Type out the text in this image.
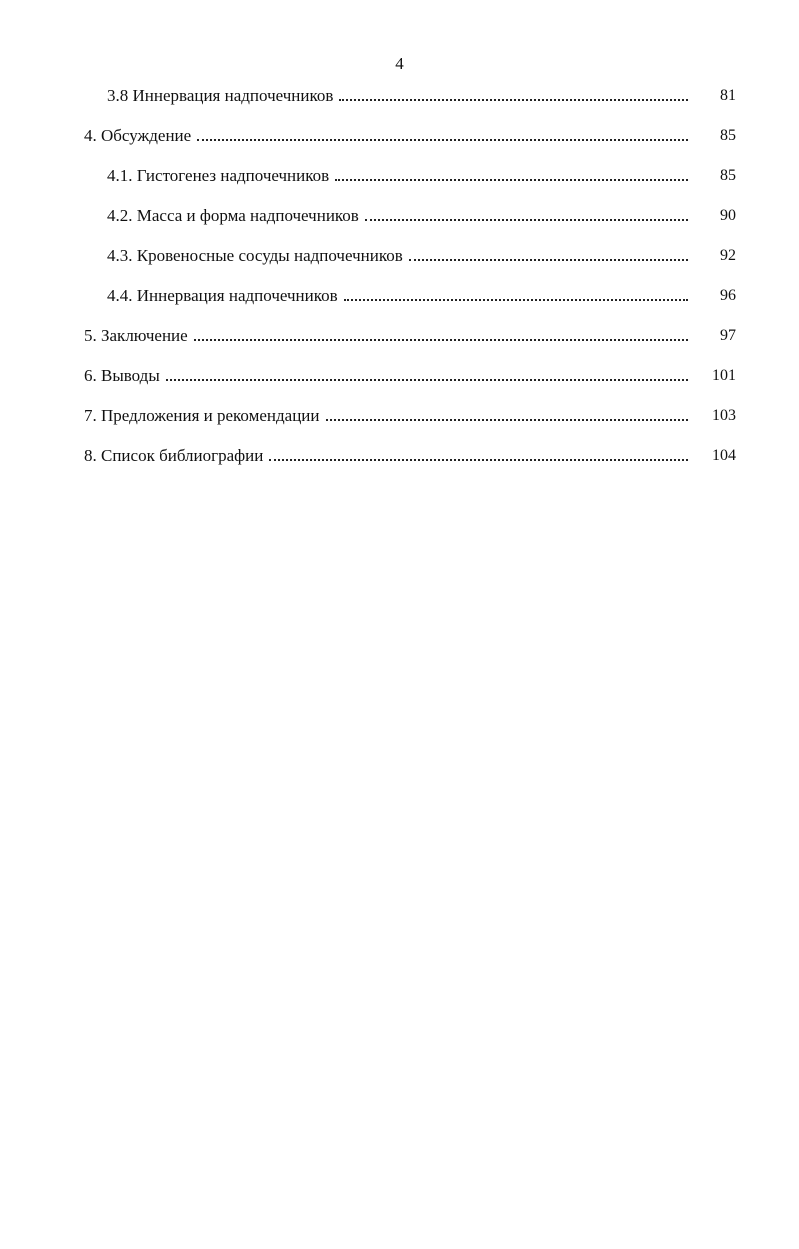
4
3.8 Иннервация надпочечников	81
4. Обсуждение	85
4.1. Гистогенез надпочечников	85
4.2. Масса и форма надпочечников	90
4.3. Кровеносные сосуды надпочечников	92
4.4. Иннервация надпочечников	96
5. Заключение	97
6. Выводы	101
7. Предложения и рекомендации	103
8. Список библиографии	104
